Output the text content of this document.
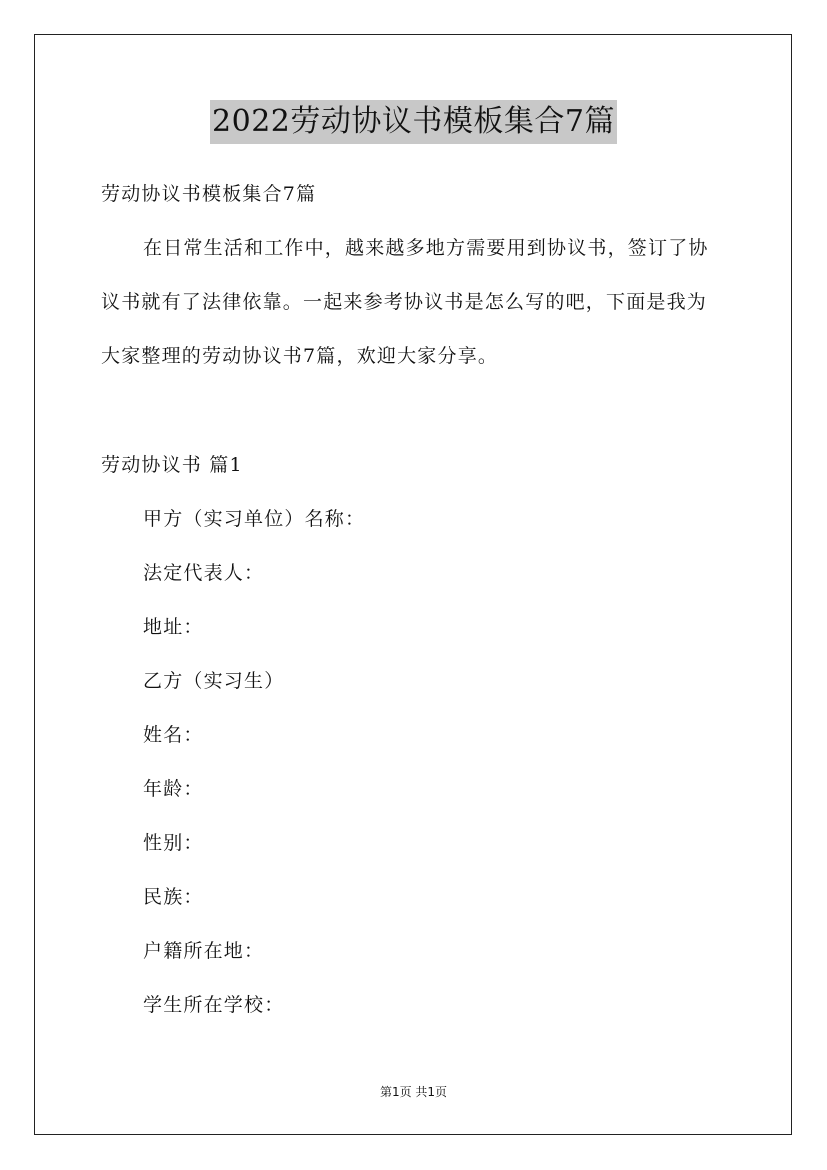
2022劳动协议书模板集合7篇
劳动协议书模板集合7篇
在日常生活和工作中，越来越多地方需要用到协议书，签订了协
议书就有了法律依靠。一起来参考协议书是怎么写的吧，下面是我为
大家整理的劳动协议书7篇，欢迎大家分享。
劳动协议书 篇1
甲方（实习单位）名称：
法定代表人：
地址：
乙方（实习生）
姓名：
年龄：
性别：
民族：
户籍所在地：
学生所在学校：
第1页 共1页
